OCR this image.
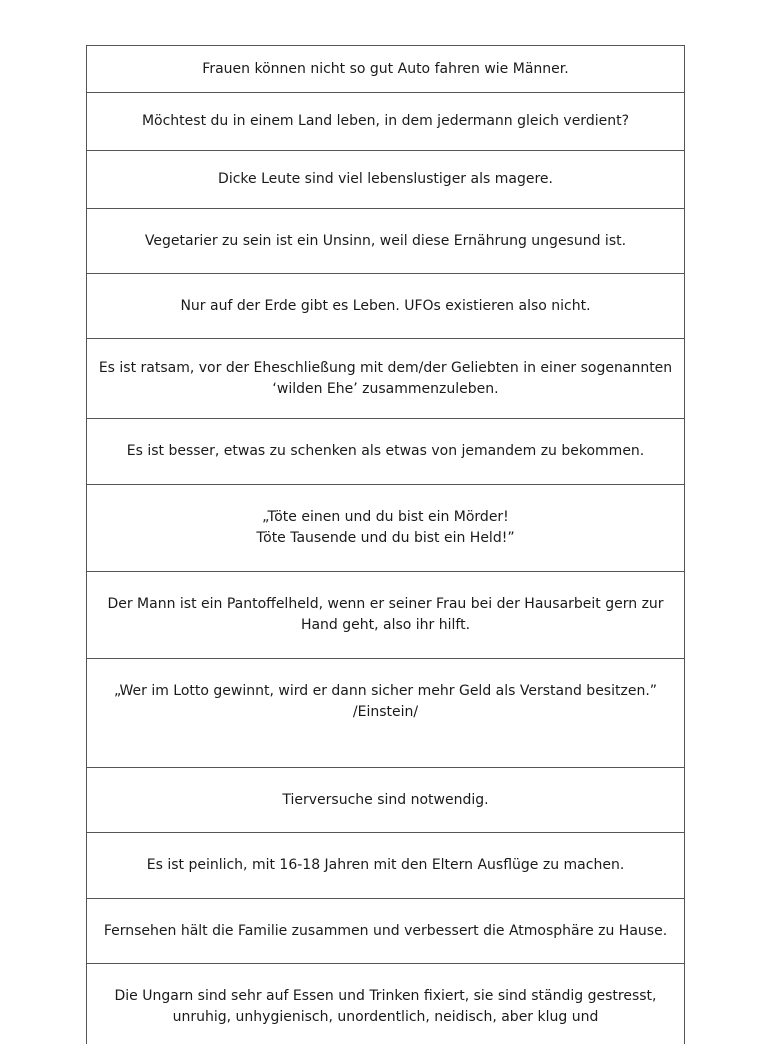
Frauen können nicht so gut Auto fahren wie Männer.
Möchtest du in einem Land leben, in dem jedermann gleich verdient?
Dicke Leute sind viel lebenslustiger als magere.
Vegetarier zu sein ist ein Unsinn, weil diese Ernährung ungesund ist.
Nur auf der Erde gibt es Leben. UFOs existieren also nicht.
Es ist ratsam, vor der Eheschließung mit dem/der Geliebten in einer sogenannten
‘wilden Ehe’ zusammenzuleben.
Es ist besser, etwas zu schenken als etwas von jemandem zu bekommen.
„Töte einen und du bist ein Mörder!
Töte Tausende und du bist ein Held!”
Der Mann ist ein Pantoffelheld, wenn er seiner Frau bei der Hausarbeit gern zur
Hand geht, also ihr hilft.
„Wer im Lotto gewinnt, wird er dann sicher mehr Geld als Verstand besitzen.”
/Einstein/
Tierversuche sind notwendig.
Es ist peinlich, mit 16-18 Jahren mit den Eltern Ausflüge zu machen.
Fernsehen hält die Familie zusammen und verbessert die Atmosphäre zu Hause.
Die Ungarn sind sehr auf Essen und Trinken fixiert, sie sind ständig gestresst,
unruhig, unhygienisch, unordentlich, neidisch, aber klug und
